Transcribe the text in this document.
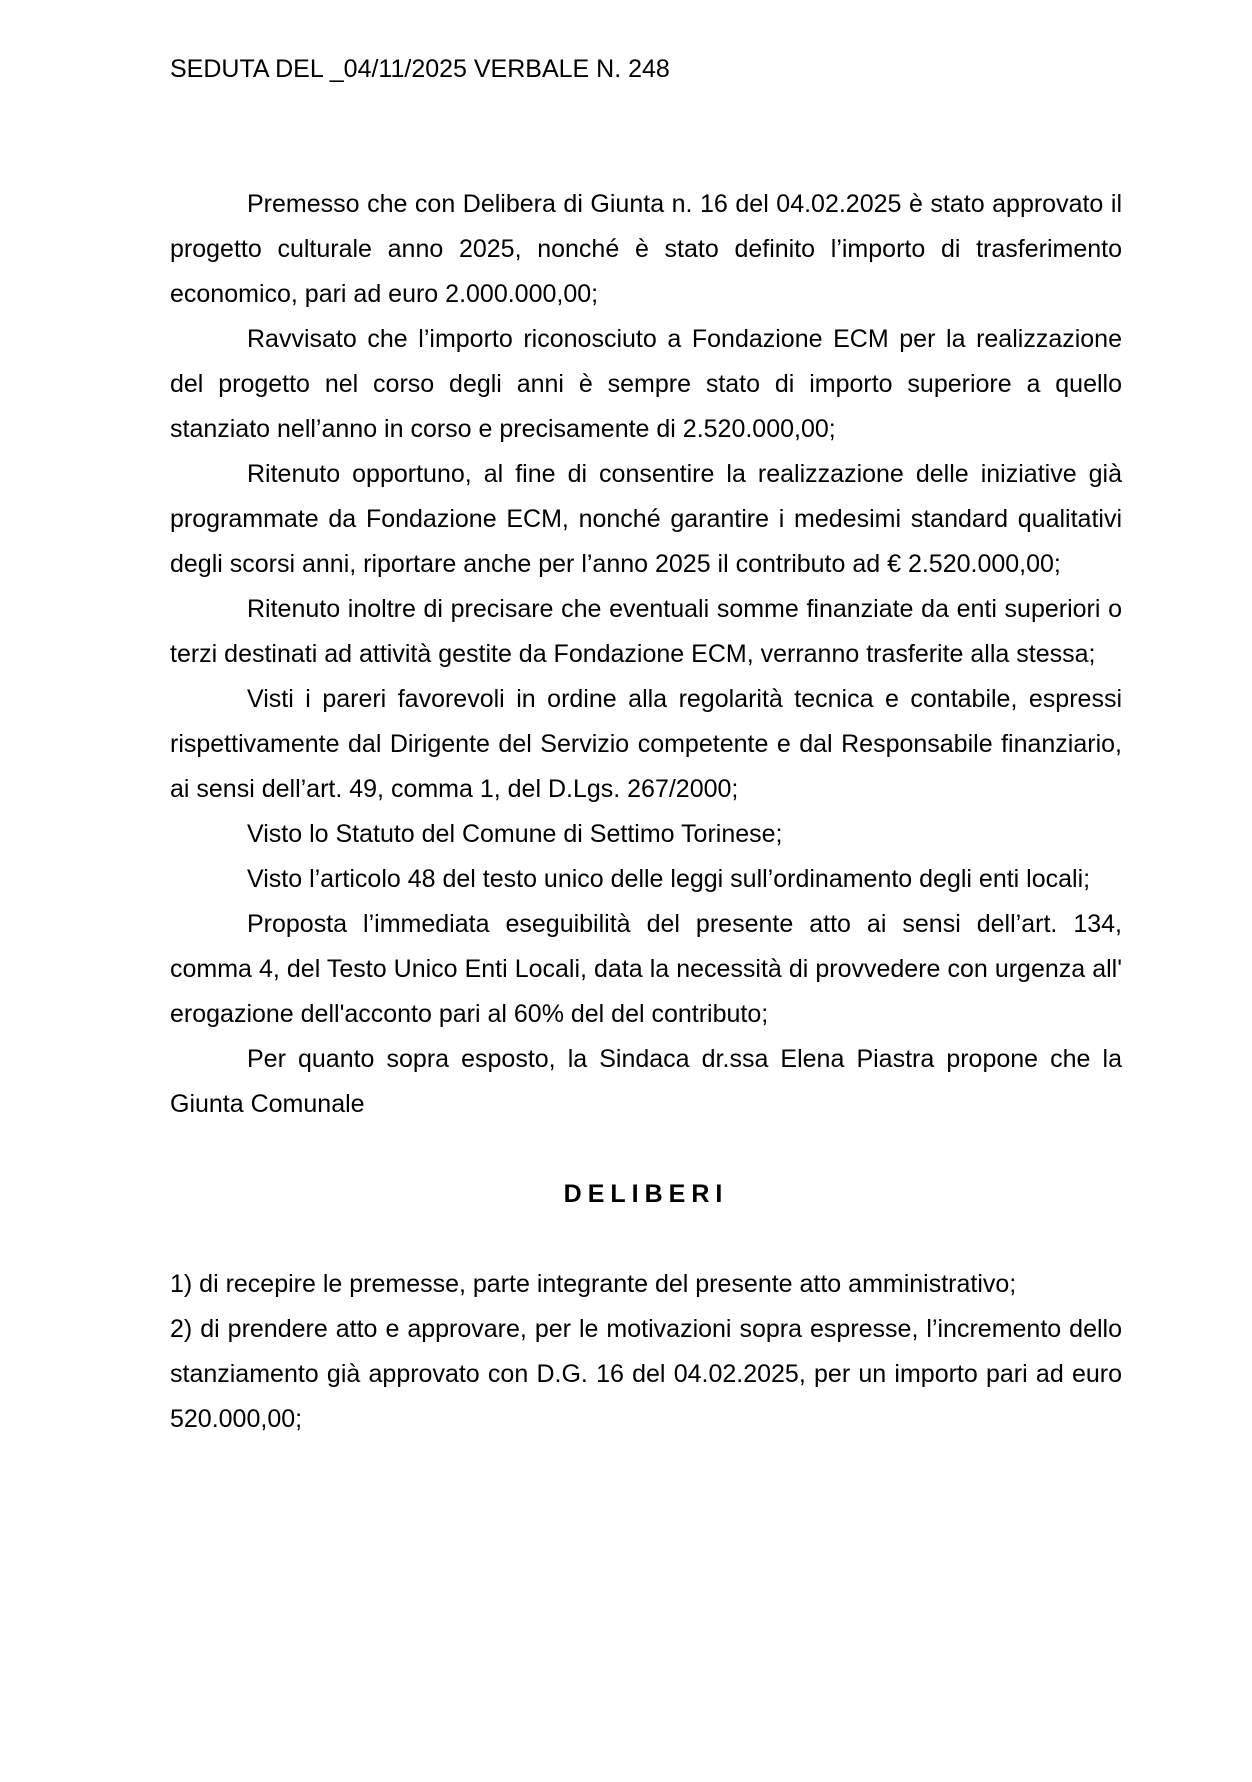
SEDUTA DEL _04/11/2025 VERBALE N. 248

Premesso che con Delibera di Giunta n. 16 del 04.02.2025 è stato approvato il progetto culturale anno 2025, nonché è stato definito l’importo di trasferimento economico, pari ad euro 2.000.000,00;

Ravvisato che l’importo riconosciuto a Fondazione ECM per la realizzazione del progetto nel corso degli anni è sempre stato di importo superiore a quello stanziato nell’anno in corso e precisamente di 2.520.000,00;

Ritenuto opportuno, al fine di consentire la realizzazione delle iniziative già programmate da Fondazione ECM, nonché garantire i medesimi standard qualitativi degli scorsi anni, riportare anche per l’anno 2025 il contributo ad € 2.520.000,00;

Ritenuto inoltre di precisare che eventuali somme finanziate da enti superiori o terzi destinati ad attività gestite da Fondazione ECM, verranno trasferite alla stessa;

Visti i pareri favorevoli in ordine alla regolarità tecnica e contabile, espressi rispettivamente dal Dirigente del Servizio competente e dal Responsabile finanziario, ai sensi dell’art. 49, comma 1, del D.Lgs. 267/2000;

Visto lo Statuto del Comune di Settimo Torinese;

Visto l’articolo 48 del testo unico delle leggi sull’ordinamento degli enti locali;

Proposta l’immediata eseguibilità del presente atto ai sensi dell’art. 134, comma 4, del Testo Unico Enti Locali, data la necessità di provvedere con urgenza all' erogazione dell'acconto pari al 60% del del contributo;

Per quanto sopra esposto, la Sindaca dr.ssa Elena Piastra propone che la Giunta Comunale

DELIBERI

1) di recepire le premesse, parte integrante del presente atto amministrativo;

2) di prendere atto e approvare, per le motivazioni sopra espresse, l’incremento dello stanziamento già approvato con D.G. 16 del 04.02.2025, per un importo pari ad euro 520.000,00;
